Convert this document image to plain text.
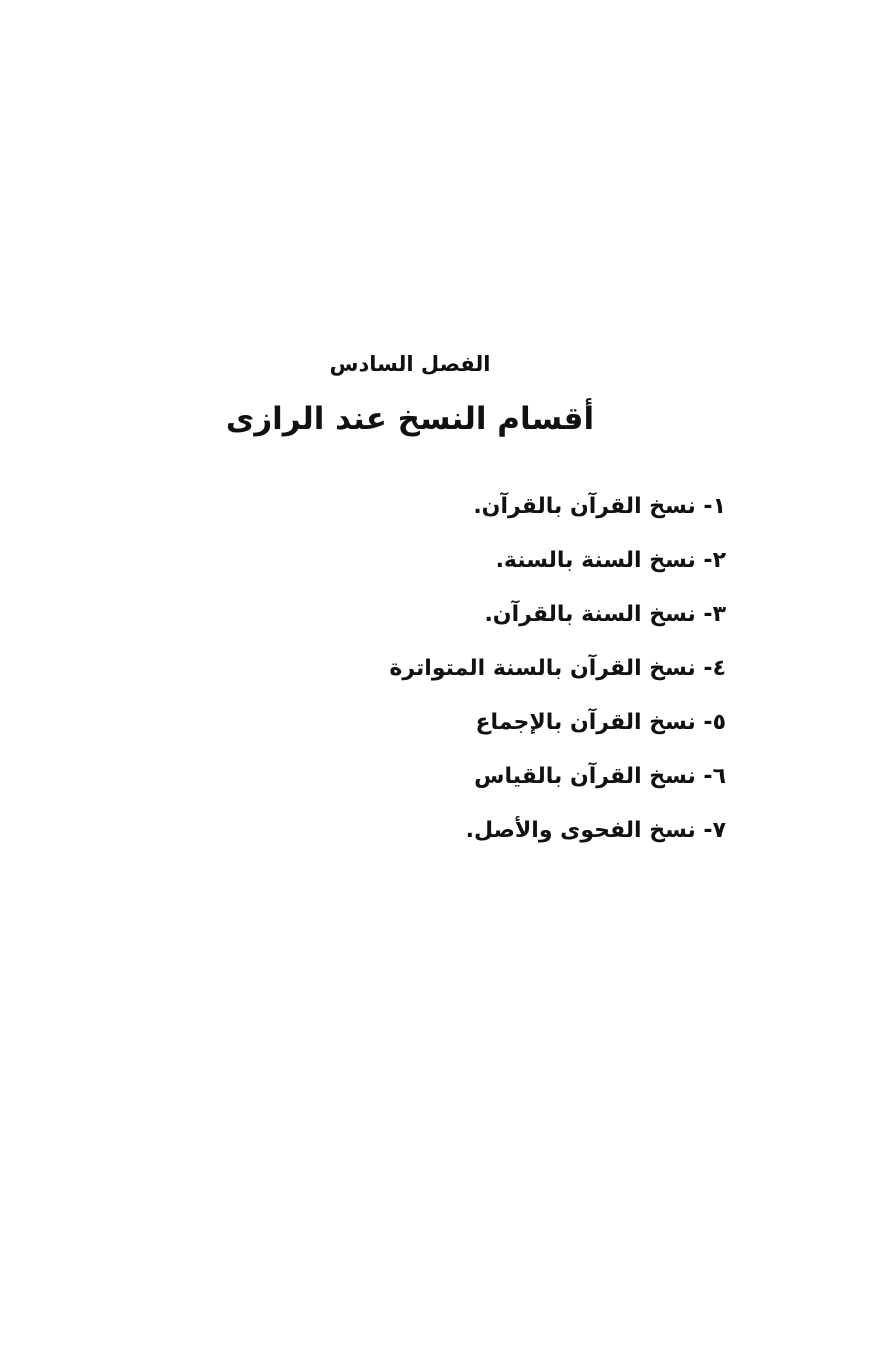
الفصل السادس
أقسام النسخ عند الرازى
١- نسخ القرآن بالقرآن.
٢- نسخ السنة بالسنة.
٣- نسخ السنة بالقرآن.
٤- نسخ القرآن بالسنة المتواترة
٥- نسخ القرآن بالإجماع
٦- نسخ القرآن بالقياس
٧- نسخ الفحوى والأصل.
